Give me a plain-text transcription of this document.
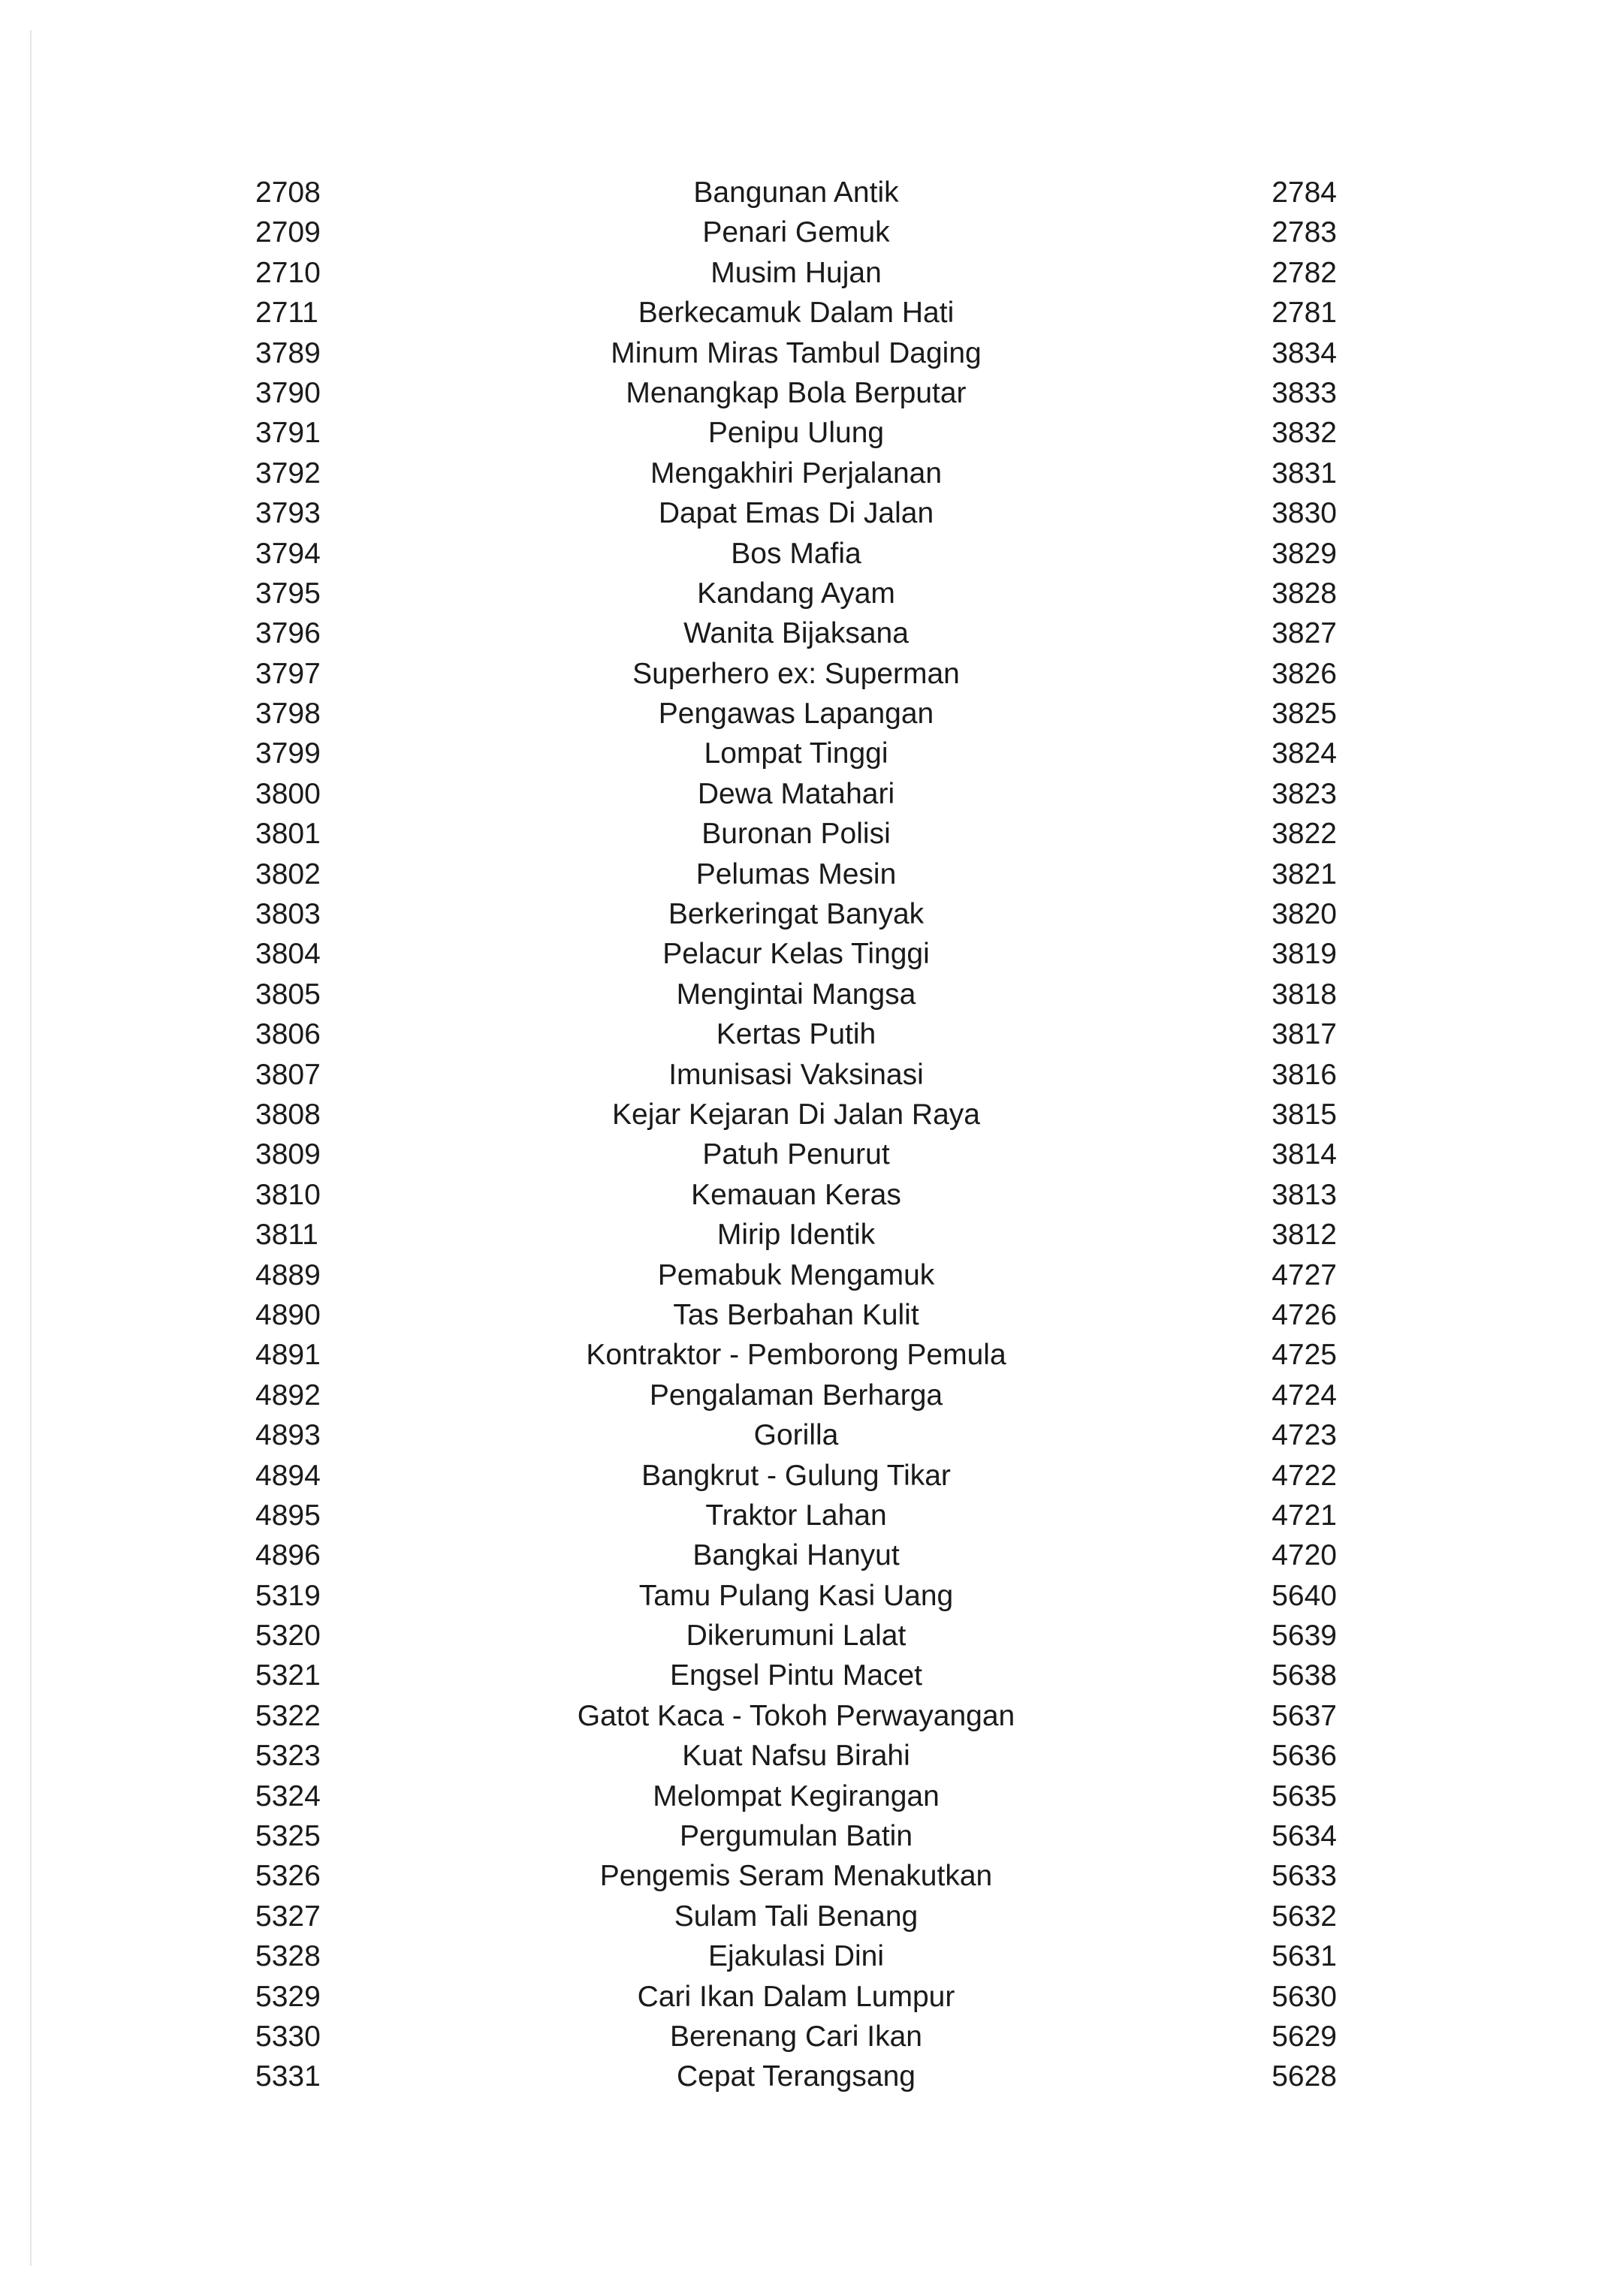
2708	Bangunan Antik	2784
2709	Penari Gemuk	2783
2710	Musim Hujan	2782
2711	Berkecamuk Dalam Hati	2781
3789	Minum Miras Tambul Daging	3834
3790	Menangkap Bola Berputar	3833
3791	Penipu Ulung	3832
3792	Mengakhiri Perjalanan	3831
3793	Dapat Emas Di Jalan	3830
3794	Bos Mafia	3829
3795	Kandang Ayam	3828
3796	Wanita Bijaksana	3827
3797	Superhero ex: Superman	3826
3798	Pengawas Lapangan	3825
3799	Lompat Tinggi	3824
3800	Dewa Matahari	3823
3801	Buronan Polisi	3822
3802	Pelumas Mesin	3821
3803	Berkeringat Banyak	3820
3804	Pelacur Kelas Tinggi	3819
3805	Mengintai Mangsa	3818
3806	Kertas Putih	3817
3807	Imunisasi Vaksinasi	3816
3808	Kejar Kejaran Di Jalan Raya	3815
3809	Patuh Penurut	3814
3810	Kemauan Keras	3813
3811	Mirip Identik	3812
4889	Pemabuk Mengamuk	4727
4890	Tas Berbahan Kulit	4726
4891	Kontraktor - Pemborong Pemula	4725
4892	Pengalaman Berharga	4724
4893	Gorilla	4723
4894	Bangkrut - Gulung Tikar	4722
4895	Traktor Lahan	4721
4896	Bangkai Hanyut	4720
5319	Tamu Pulang Kasi Uang	5640
5320	Dikerumuni Lalat	5639
5321	Engsel Pintu Macet	5638
5322	Gatot Kaca - Tokoh Perwayangan	5637
5323	Kuat Nafsu Birahi	5636
5324	Melompat Kegirangan	5635
5325	Pergumulan Batin	5634
5326	Pengemis Seram Menakutkan	5633
5327	Sulam Tali Benang	5632
5328	Ejakulasi Dini	5631
5329	Cari Ikan Dalam Lumpur	5630
5330	Berenang Cari Ikan	5629
5331	Cepat Terangsang	5628
